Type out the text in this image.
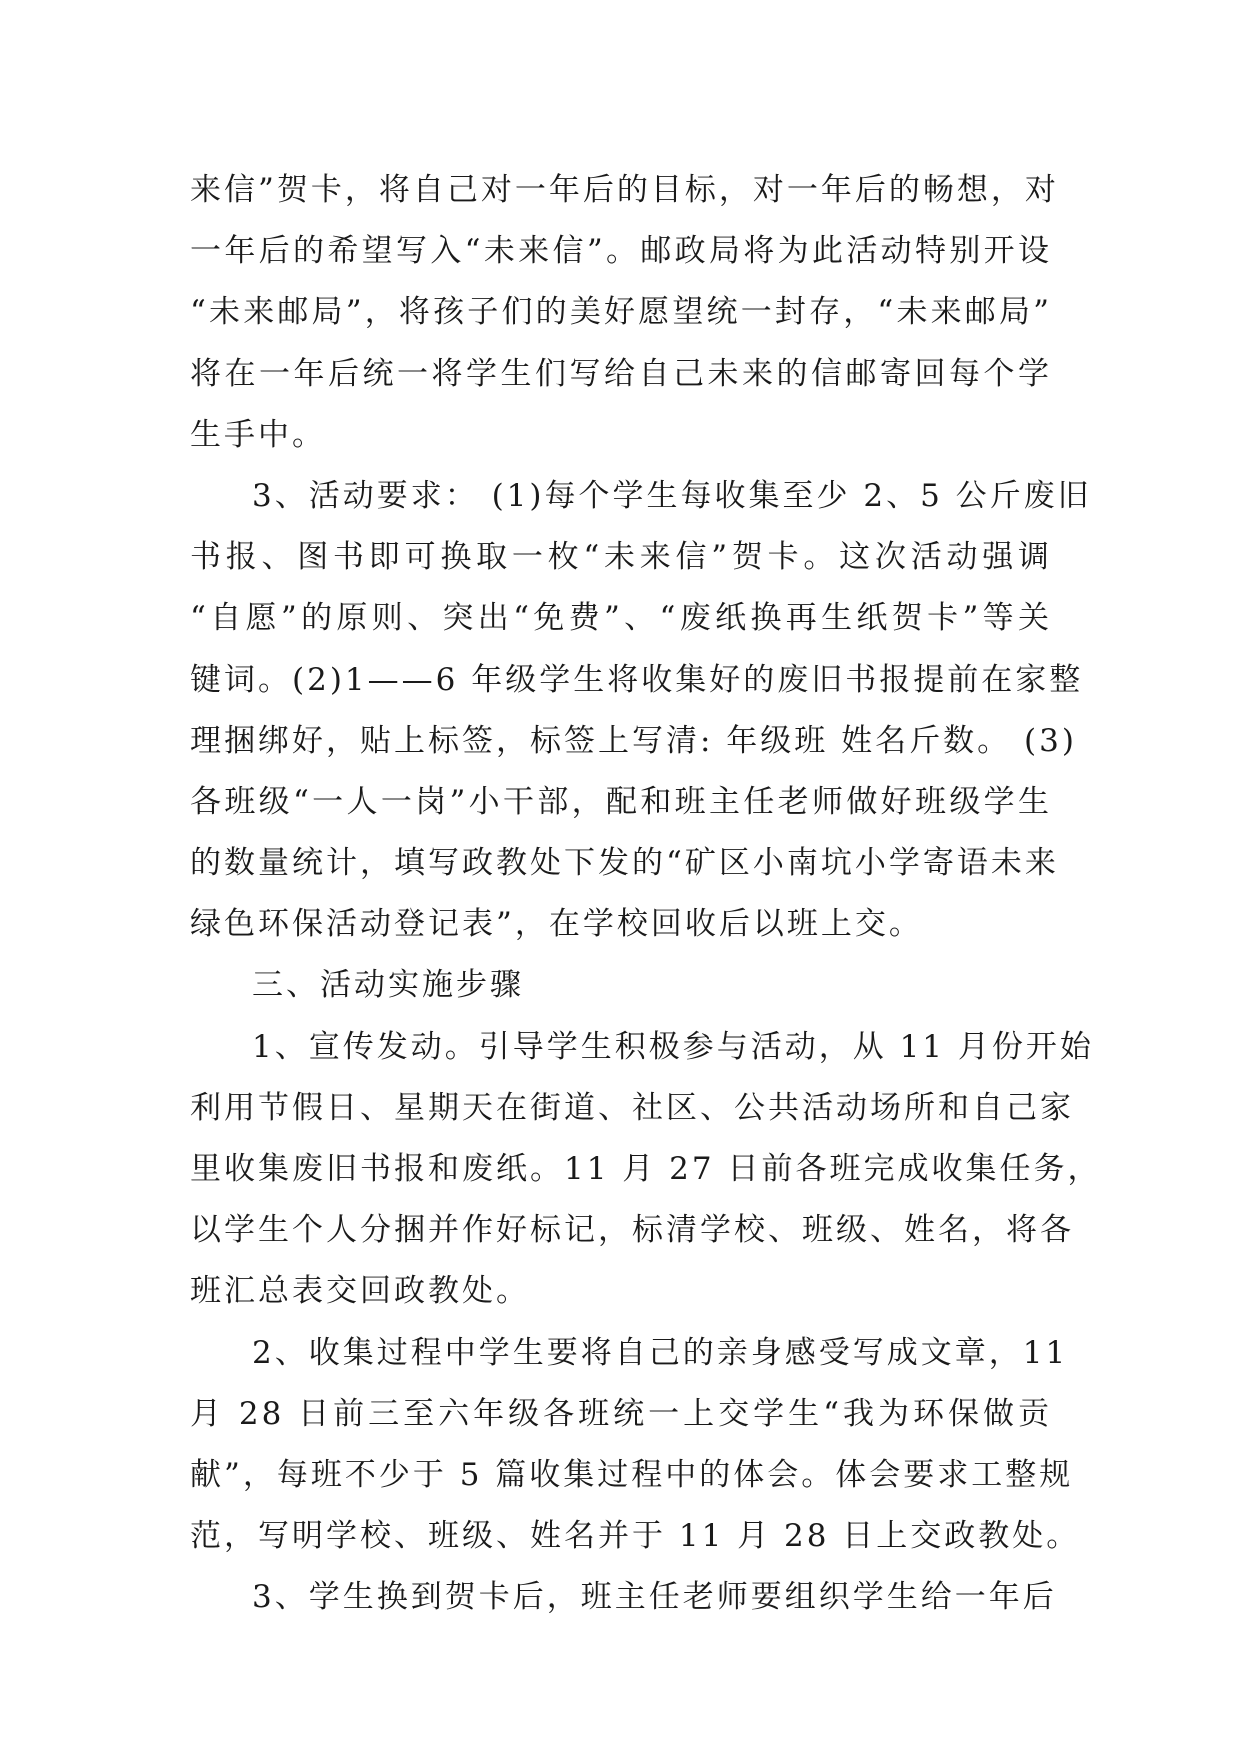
来信”贺卡，将自己对一年后的目标，对一年后的畅想，对
一年后的希望写入“未来信”。邮政局将为此活动特别开设
“未来邮局”，将孩子们的美好愿望统一封存，“未来邮局”
将在一年后统一将学生们写给自己未来的信邮寄回每个学
生手中。
3、活动要求： (1)每个学生每收集至少 2、5 公斤废旧
书报、图书即可换取一枚“未来信”贺卡。这次活动强调
“自愿”的原则、突出“免费”、“废纸换再生纸贺卡”等关
键词。(2)1——6 年级学生将收集好的废旧书报提前在家整
理捆绑好，贴上标签，标签上写清: 年级班 姓名斤数。 (3)
各班级“一人一岗”小干部，配和班主任老师做好班级学生
的数量统计，填写政教处下发的“矿区小南坑小学寄语未来
绿色环保活动登记表”，在学校回收后以班上交。
三、活动实施步骤
1、宣传发动。引导学生积极参与活动，从 11 月份开始
利用节假日、星期天在街道、社区、公共活动场所和自己家
里收集废旧书报和废纸。11 月 27 日前各班完成收集任务，
以学生个人分捆并作好标记，标清学校、班级、姓名，将各
班汇总表交回政教处。
2、收集过程中学生要将自己的亲身感受写成文章，11
月 28 日前三至六年级各班统一上交学生“我为环保做贡
献”，每班不少于 5 篇收集过程中的体会。体会要求工整规
范，写明学校、班级、姓名并于 11 月 28 日上交政教处。
3、学生换到贺卡后，班主任老师要组织学生给一年后
